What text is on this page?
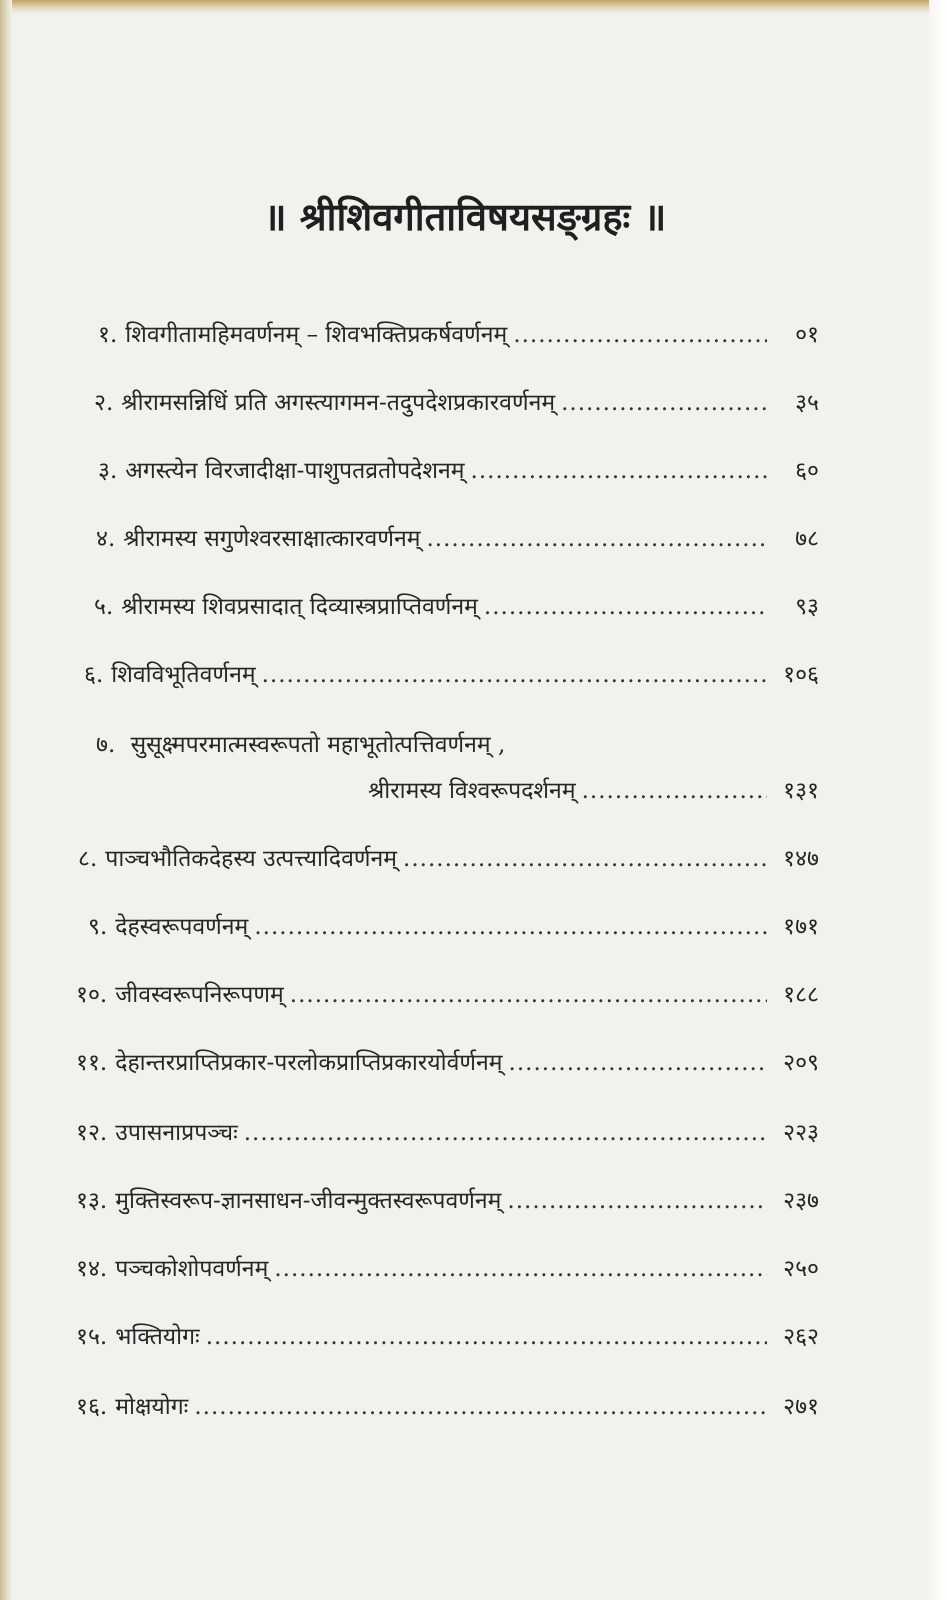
॥ श्रीशिवगीताविषयसङ्ग्रहः ॥
१. शिवगीतामहिमवर्णनम् – शिवभक्तिप्रकर्षवर्णनम् .....	०१
२. श्रीरामसन्निधिं प्रति अगस्त्यागमन-तदुपदेशप्रकारवर्णनम् .....	३५
३. अगस्त्येन विरजादीक्षा-पाशुपतव्रतोपदेशनम् .....	६०
४. श्रीरामस्य सगुणेश्वरसाक्षात्कारवर्णनम् .....	७८
५. श्रीरामस्य शिवप्रसादात् दिव्यास्त्रप्राप्तिवर्णनम् .....	९३
६. शिवविभूतिवर्णनम् .....	१०६
७. सुसूक्ष्मपरमात्मस्वरूपतो महाभूतोत्पत्तिवर्णनम् ,
श्रीरामस्य विश्वरूपदर्शनम् .....	१३१
८. पाञ्चभौतिकदेहस्य उत्पत्त्यादिवर्णनम् .....	१४७
९. देहस्वरूपवर्णनम् .....	१७१
१०. जीवस्वरूपनिरूपणम् .....	१८८
११. देहान्तरप्राप्तिप्रकार-परलोकप्राप्तिप्रकारयोर्वर्णनम् .....	२०९
१२. उपासनाप्रपञ्चः .....	२२३
१३. मुक्तिस्वरूप-ज्ञानसाधन-जीवन्मुक्तस्वरूपवर्णनम् .....	२३७
१४. पञ्चकोशोपवर्णनम् .....	२५०
१५. भक्तियोगः .....	२६२
१६. मोक्षयोगः .....	२७१
